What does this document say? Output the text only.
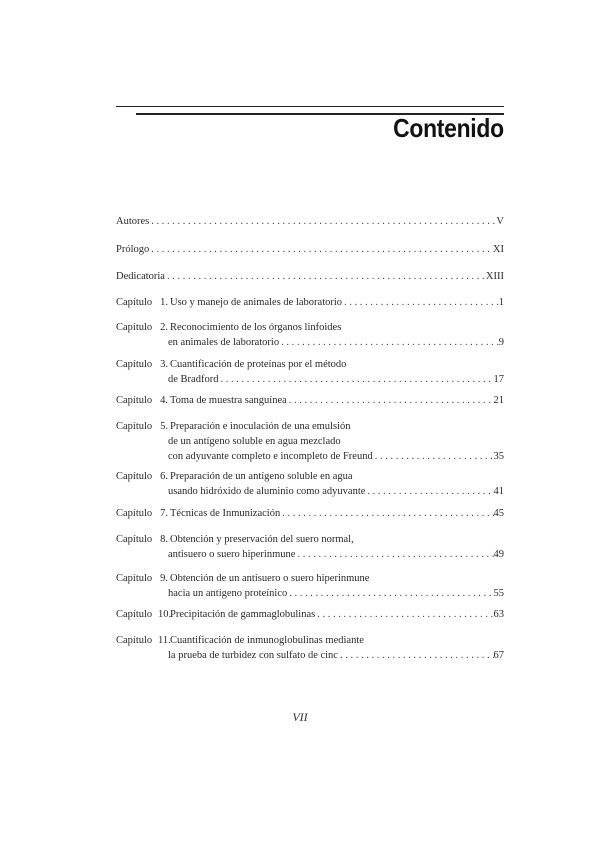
Contenido
Autores . . .	V
Prólogo . . .	XI
Dedicatoria . . .	XIII
Capítulo 1. Uso y manejo de animales de laboratorio . . .	1
Capítulo 2. Reconocimiento de los órganos linfoides
en animales de laboratorio . . .	9
Capítulo 3. Cuantificación de proteínas por el método
de Bradford . . .	17
Capítulo 4. Toma de muestra sanguínea . . .	21
Capítulo 5. Preparación e inoculación de una emulsión
de un antígeno soluble en agua mezclado
con adyuvante completo e incompleto de Freund . . .	35
Capítulo 6. Preparación de un antígeno soluble en agua
usando hidróxido de aluminio como adyuvante . . .	41
Capítulo 7. Técnicas de Inmunización . . .	45
Capítulo 8. Obtención y preservación del suero normal,
antisuero o suero hiperinmune . . .	49
Capítulo 9. Obtención de un antisuero o suero hiperinmune
hacia un antígeno proteínico . . .	55
Capítulo 10.
Precipitación de gammaglobulinas . . .	63
Capítulo 11. Cuantificación de inmunoglobulinas mediante
la prueba de turbidez con sulfato de cinc . . .	67
VII
